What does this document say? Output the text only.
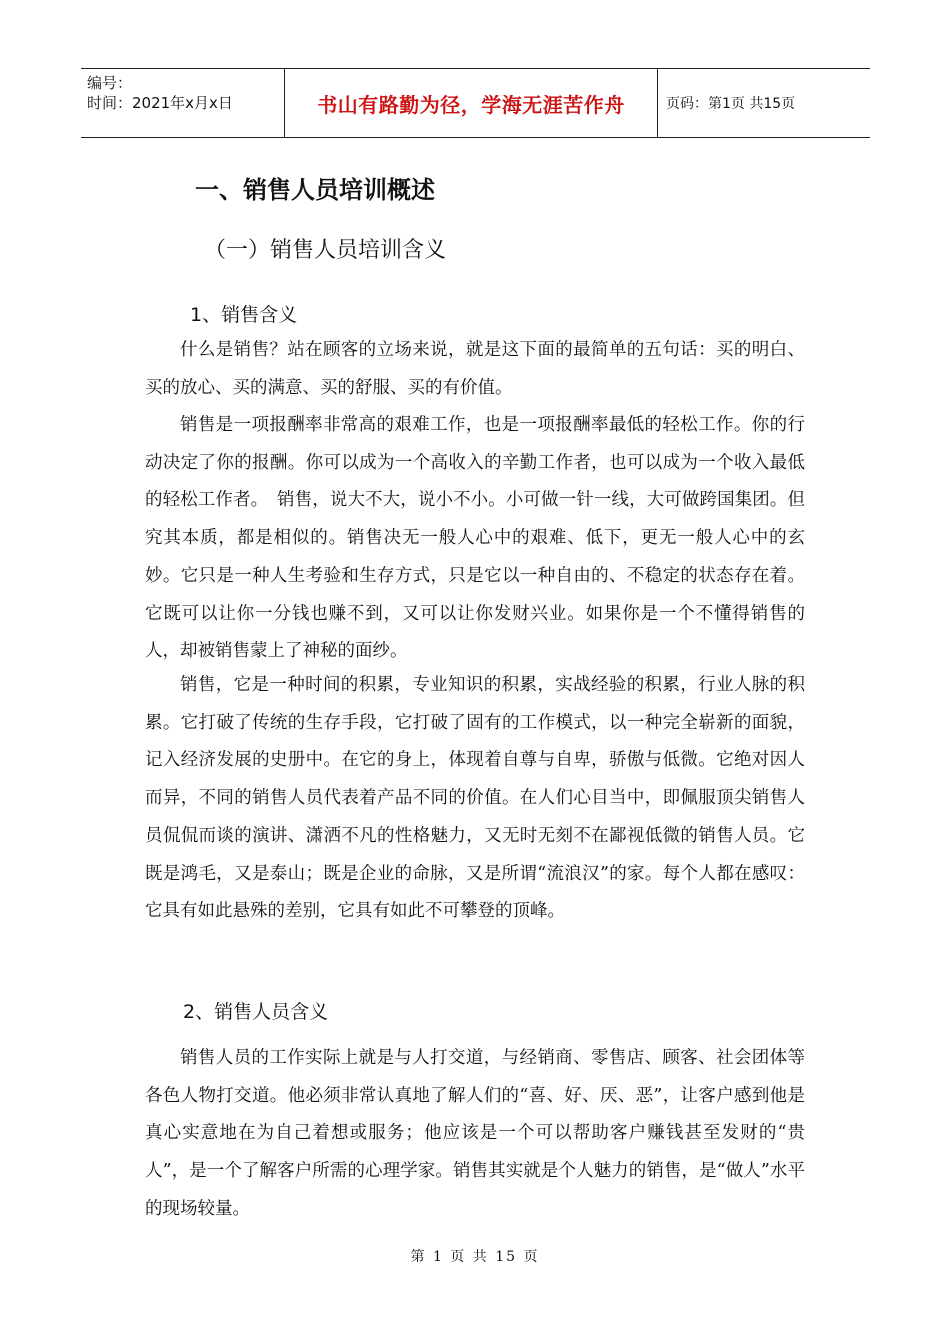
编号：
时间：2021年x月x日	书山有路勤为径，学海无涯苦作舟	页码：第1页 共15页
一、销售人员培训概述
（一）销售人员培训含义
1、销售含义

什么是销售？站在顾客的立场来说，就是这下面的最简单的五句话：买的明白、买的放心、买的满意、买的舒服、买的有价值。

销售是一项报酬率非常高的艰难工作，也是一项报酬率最低的轻松工作。你的行动决定了你的报酬。你可以成为一个高收入的辛勤工作者，也可以成为一个收入最低的轻松工作者。　销售，说大不大，说小不小。小可做一针一线，大可做跨国集团。但究其本质，都是相似的。销售决无一般人心中的艰难、低下，更无一般人心中的玄妙。它只是一种人生考验和生存方式，只是它以一种自由的、不稳定的状态存在着。它既可以让你一分钱也赚不到，又可以让你发财兴业。如果你是一个不懂得销售的人，却被销售蒙上了神秘的面纱。

销售，它是一种时间的积累，专业知识的积累，实战经验的积累，行业人脉的积累。它打破了传统的生存手段，它打破了固有的工作模式，以一种完全崭新的面貌，记入经济发展的史册中。在它的身上，体现着自尊与自卑，骄傲与低微。它绝对因人而异，不同的销售人员代表着产品不同的价值。在人们心目当中，即佩服顶尖销售人员侃侃而谈的演讲、潇洒不凡的性格魅力，又无时无刻不在鄙视低微的销售人员。它既是鸿毛，又是泰山；既是企业的命脉，又是所谓“流浪汉”的家。每个人都在感叹：它具有如此悬殊的差别，它具有如此不可攀登的顶峰。

2、销售人员含义

销售人员的工作实际上就是与人打交道，与经销商、零售店、顾客、社会团体等各色人物打交道。他必须非常认真地了解人们的“喜、好、厌、恶”，让客户感到他是真心实意地在为自己着想或服务；他应该是一个可以帮助客户赚钱甚至发财的“贵人”，是一个了解客户所需的心理学家。销售其实就是个人魅力的销售，是“做人”水平的现场较量。

第 1 页 共 15 页
